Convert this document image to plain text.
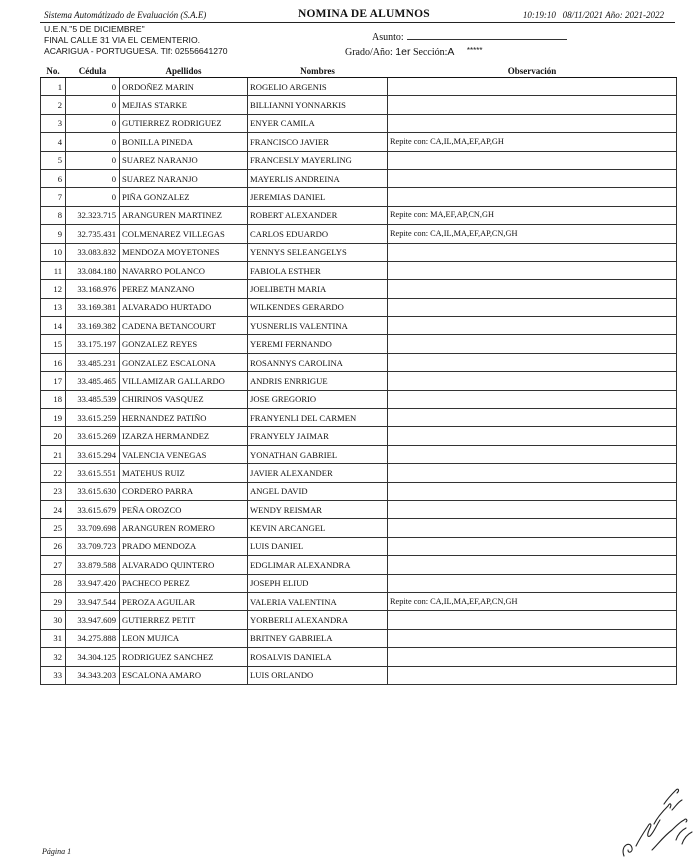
Sistema Automátizado de Evaluación (S.A.E)	NOMINA DE ALUMNOS	10:19:10 08/11/2021 Año: 2021-2022
U.E.N."5 DE DICIEMBRE"
FINAL CALLE 31 VIA EL CEMENTERIO.
ACARIGUA - PORTUGUESA. Tlf: 02556641270
Asunto:
Grado/Año: 1er Sección:A *****
No.	Cédula	Apellidos	Nombres	Observación
1	0	ORDOÑEZ MARIN	ROGELIO ARGENIS	
2	0	MEJIAS STARKE	BILLIANNI YONNARKIS	
3	0	GUTIERREZ RODRIGUEZ	ENYER CAMILA	
4	0	BONILLA PINEDA	FRANCISCO JAVIER	Repite con: CA,IL,MA,EF,AP,GH
5	0	SUAREZ NARANJO	FRANCESLY MAYERLING	
6	0	SUAREZ NARANJO	MAYERLIS ANDREINA	
7	0	PIÑA GONZALEZ	JEREMIAS DANIEL	
8	32.323.715	ARANGUREN MARTINEZ	ROBERT ALEXANDER	Repite con: MA,EF,AP,CN,GH
9	32.735.431	COLMENAREZ VILLEGAS	CARLOS EDUARDO	Repite con: CA,IL,MA,EF,AP,CN,GH
10	33.083.832	MENDOZA MOYETONES	YENNYS SELEANGELYS	
11	33.084.180	NAVARRO POLANCO	FABIOLA ESTHER	
12	33.168.976	PEREZ MANZANO	JOELIBETH MARIA	
13	33.169.381	ALVARADO HURTADO	WILKENDES GERARDO	
14	33.169.382	CADENA BETANCOURT	YUSNERLIS VALENTINA	
15	33.175.197	GONZALEZ REYES	YEREMI FERNANDO	
16	33.485.231	GONZALEZ ESCALONA	ROSANNYS CAROLINA	
17	33.485.465	VILLAMIZAR GALLARDO	ANDRIS ENRRIGUE	
18	33.485.539	CHIRINOS VASQUEZ	JOSE GREGORIO	
19	33.615.259	HERNANDEZ PATIÑO	FRANYENLI DEL CARMEN	
20	33.615.269	IZARZA HERMANDEZ	FRANYELY JAIMAR	
21	33.615.294	VALENCIA VENEGAS	YONATHAN GABRIEL	
22	33.615.551	MATEHUS RUIZ	JAVIER ALEXANDER	
23	33.615.630	CORDERO PARRA	ANGEL DAVID	
24	33.615.679	PEÑA OROZCO	WENDY REISMAR	
25	33.709.698	ARANGUREN ROMERO	KEVIN ARCANGEL	
26	33.709.723	PRADO MENDOZA	LUIS DANIEL	
27	33.879.588	ALVARADO QUINTERO	EDGLIMAR ALEXANDRA	
28	33.947.420	PACHECO PEREZ	JOSEPH ELIUD	
29	33.947.544	PEROZA AGUILAR	VALERIA VALENTINA	Repite con: CA,IL,MA,EF,AP,CN,GH
30	33.947.609	GUTIERREZ PETIT	YORBERLI ALEXANDRA	
31	34.275.888	LEON MUJICA	BRITNEY GABRIELA	
32	34.304.125	RODRIGUEZ SANCHEZ	ROSALVIS DANIELA	
33	34.343.203	ESCALONA AMARO	LUIS ORLANDO	
Página 1
